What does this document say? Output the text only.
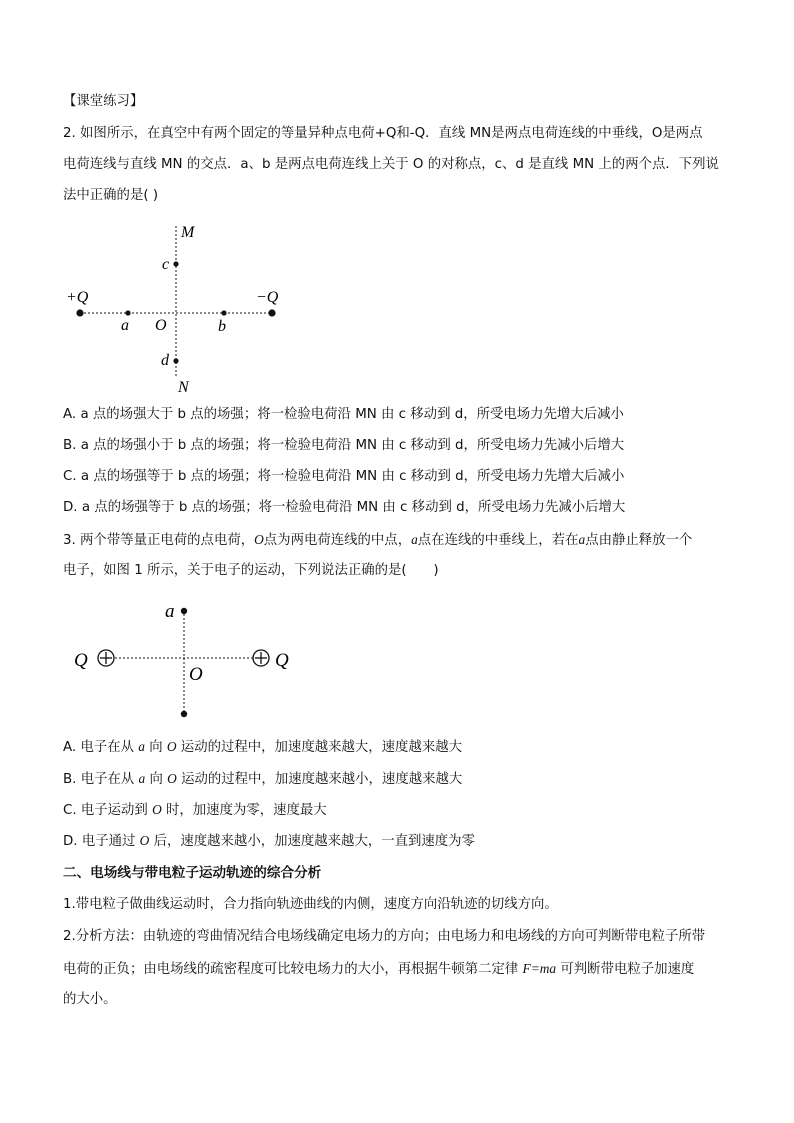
【课堂练习】
2. 如图所示，在真空中有两个固定的等量异种点电荷+Q和-Q．直线 MN是两点电荷连线的中垂线，O是两点
电荷连线与直线 MN 的交点．a、b 是两点电荷连线上关于 O 的对称点，c、d 是直线 MN 上的两个点．下列说
法中正确的是( )
M
c
+Q	−Q
a O	b
d
N
A. a 点的场强大于 b 点的场强；将一检验电荷沿 MN 由 c 移动到 d，所受电场力先增大后减小
B. a 点的场强小于 b 点的场强；将一检验电荷沿 MN 由 c 移动到 d，所受电场力先减小后增大
C. a 点的场强等于 b 点的场强；将一检验电荷沿 MN 由 c 移动到 d，所受电场力先增大后减小
D. a 点的场强等于 b 点的场强；将一检验电荷沿 MN 由 c 移动到 d，所受电场力先减小后增大
3. 两个带等量正电荷的点电荷，O点为两电荷连线的中点，a点在连线的中垂线上，若在a点由静止释放一个
电子，如图 1 所示，关于电子的运动，下列说法正确的是(　　)
a
Q	Q
O
A. 电子在从 a 向 O 运动的过程中，加速度越来越大，速度越来越大
B. 电子在从 a 向 O 运动的过程中，加速度越来越小，速度越来越大
C. 电子运动到 O 时，加速度为零，速度最大
D. 电子通过 O 后，速度越来越小，加速度越来越大，一直到速度为零
二、电场线与带电粒子运动轨迹的综合分析
1.带电粒子做曲线运动时，合力指向轨迹曲线的内侧，速度方向沿轨迹的切线方向。
2.分析方法：由轨迹的弯曲情况结合电场线确定电场力的方向；由电场力和电场线的方向可判断带电粒子所带
电荷的正负；由电场线的疏密程度可比较电场力的大小，再根据牛顿第二定律 F=ma 可判断带电粒子加速度
的大小。
